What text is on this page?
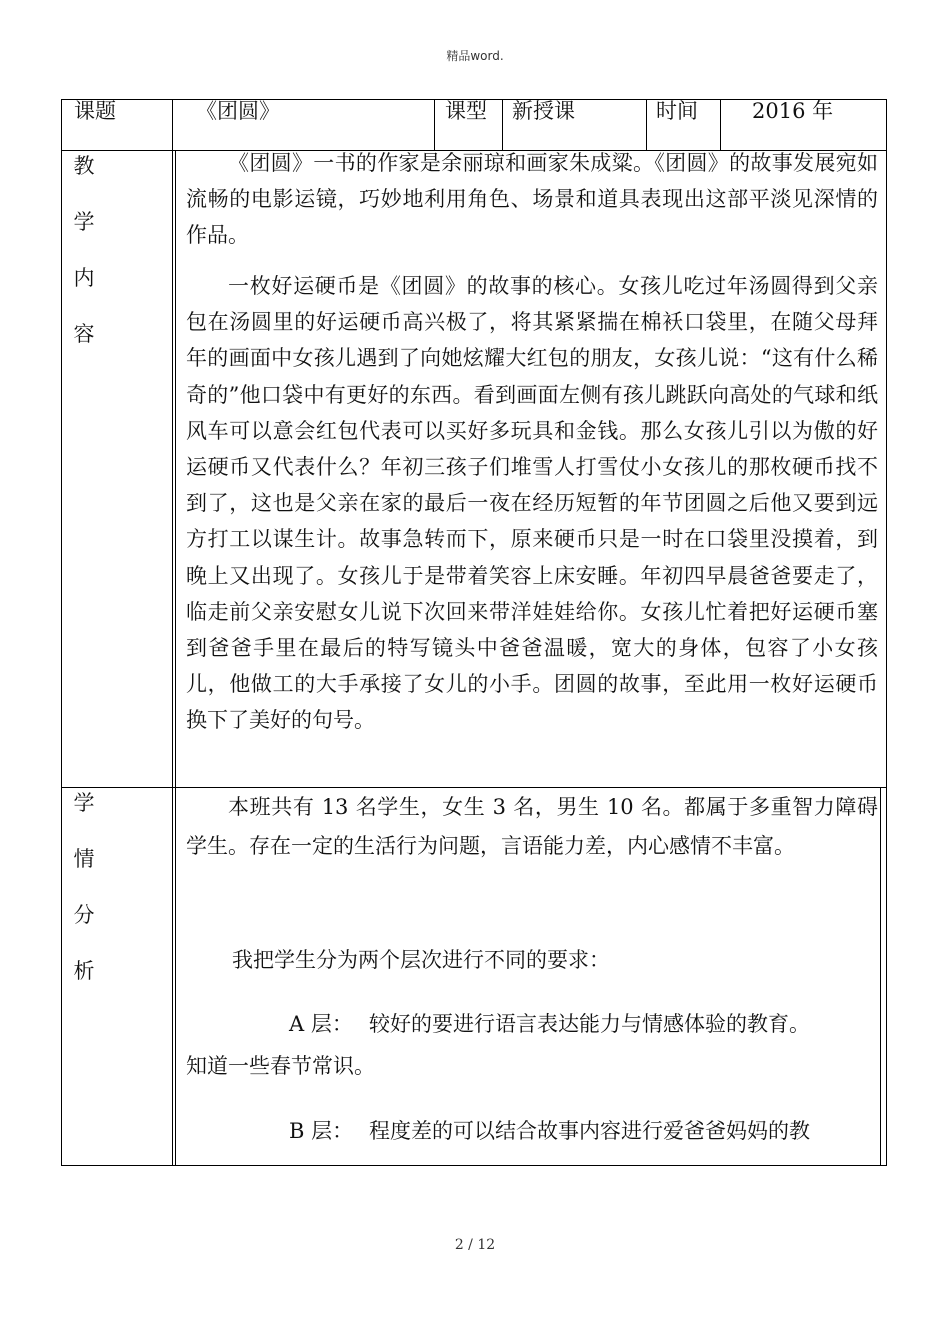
精品word.
课题	《团圆》	课型 新授课	时间	2016 年
教
学
内
容
《团圆》一书的作家是余丽琼和画家朱成粱。《团圆》的故事发展宛如流畅的电影运镜，巧妙地利用角色、场景和道具表现出这部平淡见深情的作品。
一枚好运硬币是《团圆》的故事的核心。女孩儿吃过年汤圆得到父亲包在汤圆里的好运硬币高兴极了，将其紧紧揣在棉袄口袋里，在随父母拜年的画面中女孩儿遇到了向她炫耀大红包的朋友，女孩儿说：“这有什么稀奇的”他口袋中有更好的东西。看到画面左侧有孩儿跳跃向高处的气球和纸风车可以意会红包代表可以买好多玩具和金钱。那么女孩儿引以为傲的好运硬币又代表什么？年初三孩子们堆雪人打雪仗小女孩儿的那枚硬币找不到了，这也是父亲在家的最后一夜在经历短暂的年节团圆之后他又要到远方打工以谋生计。故事急转而下，原来硬币只是一时在口袋里没摸着，到晚上又出现了。女孩儿于是带着笑容上床安睡。年初四早晨爸爸要走了，临走前父亲安慰女儿说下次回来带洋娃娃给你。女孩儿忙着把好运硬币塞到爸爸手里在最后的特写镜头中爸爸温暖，宽大的身体，包容了小女孩儿，他做工的大手承接了女儿的小手。团圆的故事，至此用一枚好运硬币换下了美好的句号。
学
情
分
析
本班共有 13 名学生，女生 3 名，男生 10 名。都属于多重智力障碍学生。存在一定的生活行为问题，言语能力差，内心感情不丰富。
我把学生分为两个层次进行不同的要求：
A 层： 较好的要进行语言表达能力与情感体验的教育。
知道一些春节常识。
B 层： 程度差的可以结合故事内容进行爱爸爸妈妈的教
2 / 12
